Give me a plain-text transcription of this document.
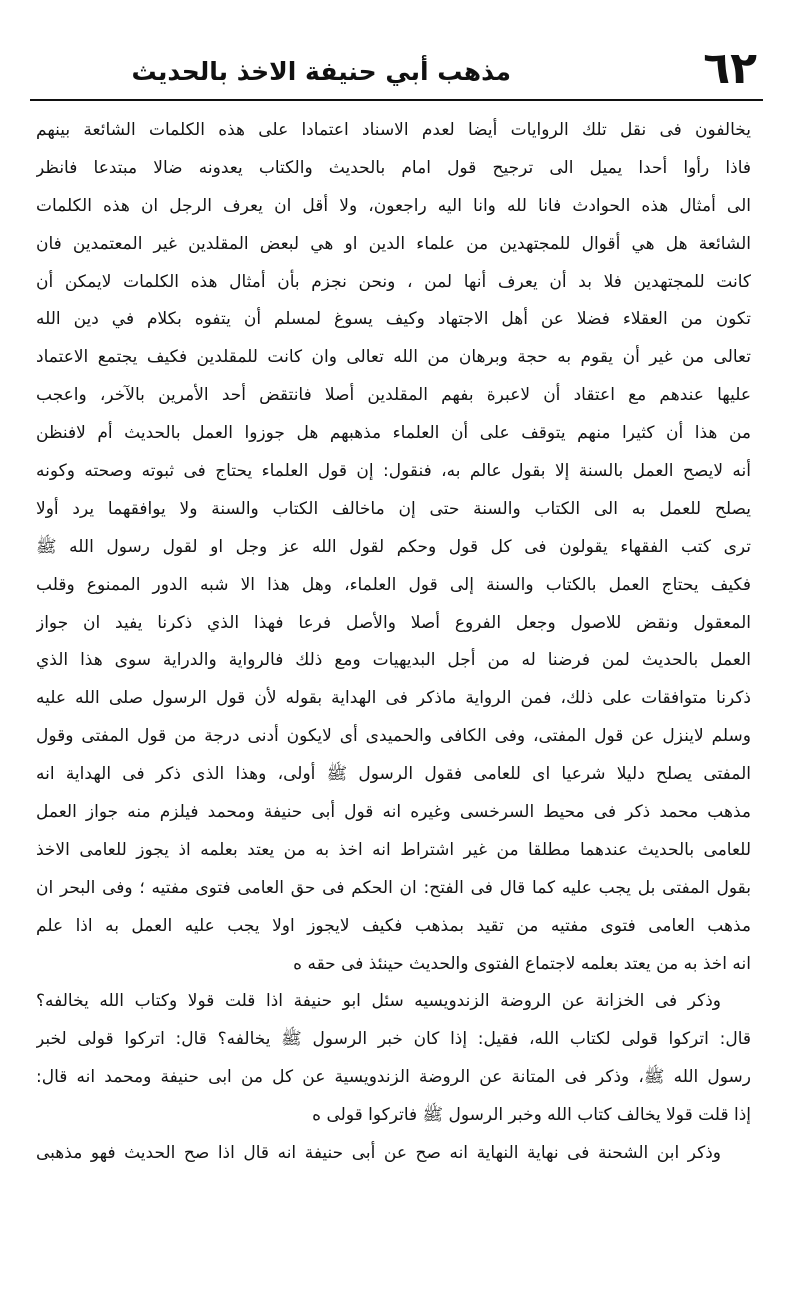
٦٢
مذهب أبي حنيفة الاخذ بالحديث
يخالفون فی نقل تلك الروايات أيضا لعدم الاسناد اعتمادا على هذه الكلمات الشائعة بينهم
فاذا رأوا أحدا يميل الى ترجيح قول امام بالحديث والكتاب يعدونه ضالا مبتدعا فانظر
الى أمثال هذه الحوادث فانا لله وانا اليه راجعون، ولا أقل ان يعرف الرجل ان هذه الكلمات
الشائعة هل هي أقوال للمجتهدين من علماء الدين او هي لبعض المقلدين غير المعتمدين فان
كانت للمجتهدين فلا بد أن يعرف أنها لمن ، ونحن نجزم بأن أمثال هذه الكلمات لايمكن أن
تكون من العقلاء فضلا عن أهل الاجتهاد وكيف يسوغ لمسلم أن يتفوه بكلام في دين الله
تعالى من غير أن يقوم به حجة وبرهان من الله تعالى وان كانت للمقلدين فكيف يجتمع الاعتماد
عليها عندهم مع اعتقاد أن لاعبرة بفهم المقلدين أصلا فانتقض أحد الأمرين بالآخر، واعجب
من هذا أن كثيرا منهم يتوقف على أن العلماء مذهبهم هل جوزوا العمل بالحديث أم لافنظن
أنه لايصح العمل بالسنة إلا بقول عالم به، فنقول: إن قول العلماء يحتاج فی ثبوته وصحته وكونه
يصلح للعمل به الى الكتاب والسنة حتى إن ماخالف الكتاب والسنة ولا يوافقهما يرد أولا
ترى كتب الفقهاء يقولون فی كل قول وحكم لقول الله عز وجل او لقول رسول الله ﷺ
فكيف يحتاج العمل بالكتاب والسنة إلى قول العلماء، وهل هذا الا شبه الدور الممنوع وقلب
المعقول ونقض للاصول وجعل الفروع أصلا والأصل فرعا فهذا الذي ذكرنا يفيد ان جواز
العمل بالحديث لمن فرضنا له من أجل البديهيات ومع ذلك فالرواية والدراية سوى هذا الذي
ذكرنا متوافقات على ذلك، فمن الرواية ماذكر فی الهداية بقوله لأن قول الرسول صلى الله عليه
وسلم لاينزل عن قول المفتی، وفی الكافی والحميدی أی لايكون أدنى درجة من قول المفتی وقول
المفتی يصلح دليلا شرعيا ای للعامی فقول الرسول ﷺ أولى، وهذا الذی ذكر فی الهداية انه
مذهب محمد ذكر فی محيط السرخسی وغيره انه قول أبی حنيفة ومحمد فيلزم منه جواز العمل
للعامی بالحديث عندهما مطلقا من غير اشتراط انه اخذ به من يعتد بعلمه اذ يجوز للعامی الاخذ
بقول المفتی بل يجب عليه كما قال فی الفتح: ان الحكم فی حق العامی فتوى مفتيه ؛ وفی البحر ان
مذهب العامی فتوى مفتيه من تقيد بمذهب فكيف لايجوز اولا يجب عليه العمل به اذا علم
انه اخذ به من يعتد بعلمه لاجتماع الفتوى والحديث حينئذ فی حقه ه
وذكر فی الخزانة عن الروضة الزندويسيه سئل ابو حنيفة اذا قلت قولا وكتاب الله يخالفه؟
قال: اتركوا قولی لكتاب الله، فقيل: إذا كان خبر الرسول ﷺ يخالفه؟ قال: اتركوا قولی لخبر
رسول الله ﷺ، وذكر فی المتانة عن الروضة الزندويسية عن كل من ابی حنيفة ومحمد انه قال:
إذا قلت قولا يخالف كتاب الله وخبر الرسول ﷺ فاتركوا قولی ه
وذكر ابن الشحنة فی نهاية النهاية انه صح عن أبی حنيفة انه قال اذا صح الحديث فهو مذهبی
